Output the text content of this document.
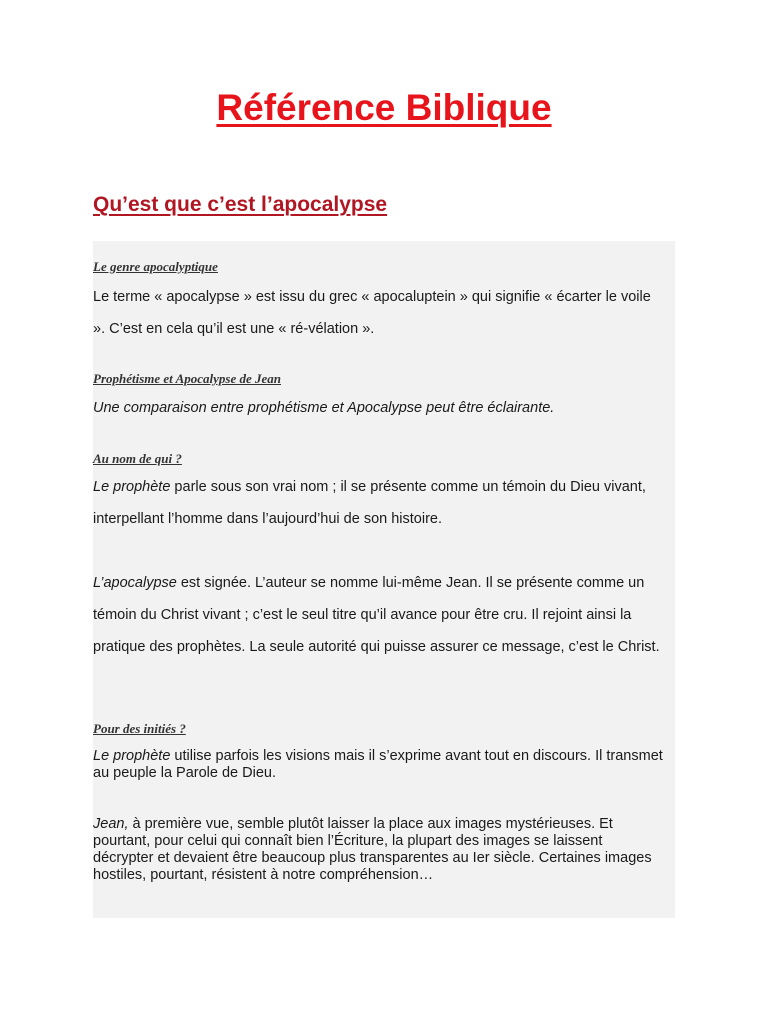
Référence Biblique
Qu’est que c’est l’apocalypse
Le genre apocalyptique

Le terme « apocalypse » est issu du grec « apocaluptein » qui signifie « écarter le voile ». C’est en cela qu’il est une « ré-vélation ».

Prophétisme et Apocalypse de Jean

Une comparaison entre prophétisme et Apocalypse peut être éclairante.

Au nom de qui ?

Le prophète parle sous son vrai nom ; il se présente comme un témoin du Dieu vivant, interpellant l’homme dans l’aujourd’hui de son histoire.

L’apocalypse est signée. L’auteur se nomme lui-même Jean. Il se présente comme un témoin du Christ vivant ; c’est le seul titre qu’il avance pour être cru. Il rejoint ainsi la pratique des prophètes. La seule autorité qui puisse assurer ce message, c’est le Christ.

Pour des initiés ?

Le prophète utilise parfois les visions mais il s’exprime avant tout en discours. Il transmet au peuple la Parole de Dieu.

Jean, à première vue, semble plutôt laisser la place aux images mystérieuses. Et pourtant, pour celui qui connaît bien l’Écriture, la plupart des images se laissent décrypter et devaient être beaucoup plus transparentes au Ier siècle. Certaines images hostiles, pourtant, résistent à notre compréhension…
